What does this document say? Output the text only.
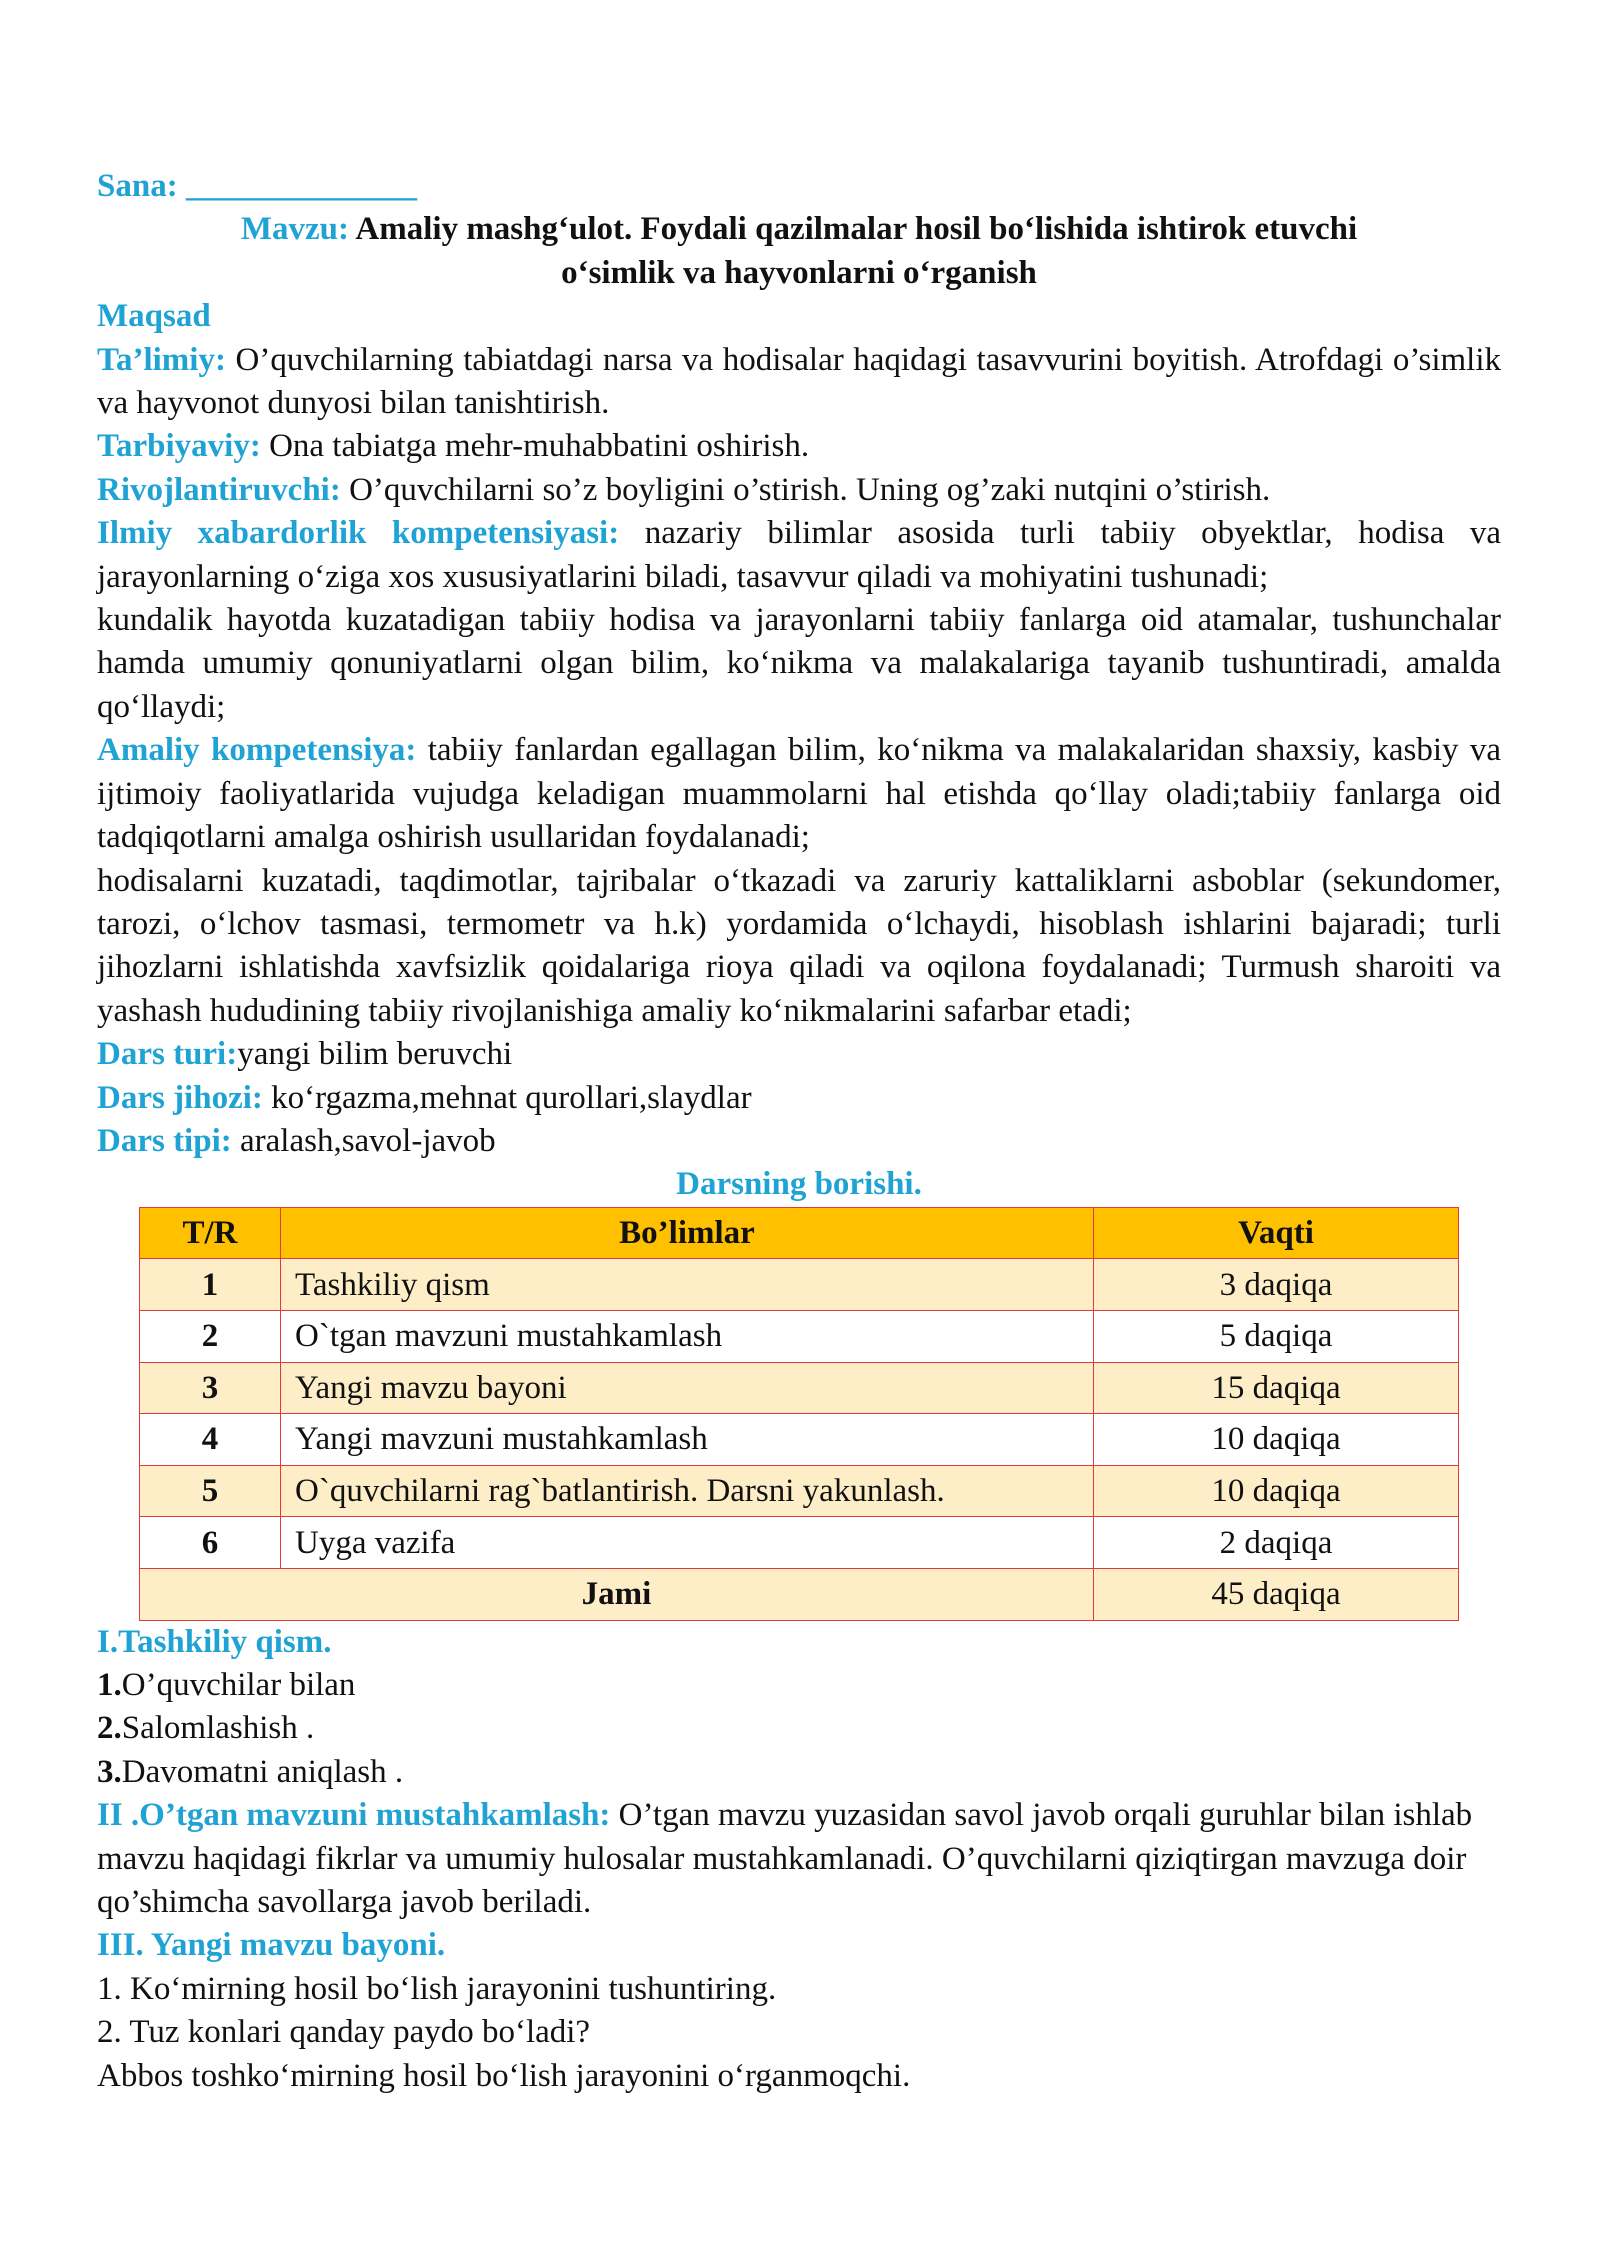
Sana: ______________

Mavzu: Amaliy mashg‘ulot. Foydali qazilmalar hosil bo‘lishida ishtirok etuvchi

o‘simlik va hayvonlarni o‘rganish

Maqsad

Ta’limiy: O’quvchilarning tabiatdagi narsa va hodisalar haqidagi tasavvurini boyitish. Atrofdagi o’simlik va hayvonot dunyosi bilan tanishtirish.

Tarbiyaviy: Ona tabiatga mehr-muhabbatini oshirish.

Rivojlantiruvchi: O’quvchilarni so’z boyligini o’stirish. Uning og’zaki nutqini o’stirish.

Ilmiy xabardorlik kompetensiyasi: nazariy bilimlar asosida turli tabiiy obyektlar, hodisa va jarayonlarning o‘ziga xos xususiyatlarini biladi, tasavvur qiladi va mohiyatini tushunadi;

kundalik hayotda kuzatadigan tabiiy hodisa va jarayonlarni tabiiy fanlarga oid atamalar, tushunchalar hamda umumiy qonuniyatlarni olgan bilim, ko‘nikma va malakalariga tayanib tushuntiradi, amalda qo‘llaydi;

Amaliy kompetensiya: tabiiy fanlardan egallagan bilim, ko‘nikma va malakalaridan shaxsiy, kasbiy va ijtimoiy faoliyatlarida vujudga keladigan muammolarni hal etishda qo‘llay oladi;tabiiy fanlarga oid tadqiqotlarni amalga oshirish usullaridan foydalanadi;

hodisalarni kuzatadi, taqdimotlar, tajribalar o‘tkazadi va zaruriy kattaliklarni asboblar (sekundomer, tarozi, o‘lchov tasmasi, termometr va h.k) yordamida o‘lchaydi, hisoblash ishlarini bajaradi; turli jihozlarni ishlatishda xavfsizlik qoidalariga rioya qiladi va oqilona foydalanadi; Turmush sharoiti va yashash hududining tabiiy rivojlanishiga amaliy ko‘nikmalarini safarbar etadi;

Dars turi:yangi bilim beruvchi

Dars jihozi: ko‘rgazma,mehnat qurollari,slaydlar

Dars tipi: aralash,savol-javob

Darsning borishi.

T/R	Bo’limlar	Vaqti
1	Tashkiliy qism	3 daqiqa
2	O`tgan mavzuni mustahkamlash	5 daqiqa
3	Yangi mavzu bayoni	15 daqiqa
4	Yangi mavzuni mustahkamlash	10 daqiqa
5	O`quvchilarni rag`batlantirish. Darsni yakunlash.	10 daqiqa
6	Uyga vazifa	2 daqiqa
Jami		45 daqiqa

I.Tashkiliy qism.

1.O’quvchilar bilan

2.Salomlashish .

3.Davomatni aniqlash .

II .O’tgan mavzuni mustahkamlash: O’tgan mavzu yuzasidan savol javob orqali guruhlar bilan ishlab mavzu haqidagi fikrlar va umumiy hulosalar mustahkamlanadi. O’quvchilarni qiziqtirgan mavzuga doir qo’shimcha savollarga javob beriladi.

III. Yangi mavzu bayoni.

1. Ko‘mirning hosil bo‘lish jarayonini tushuntiring.

2. Tuz konlari qanday paydo bo‘ladi?

Abbos toshko‘mirning hosil bo‘lish jarayonini o‘rganmoqchi.
